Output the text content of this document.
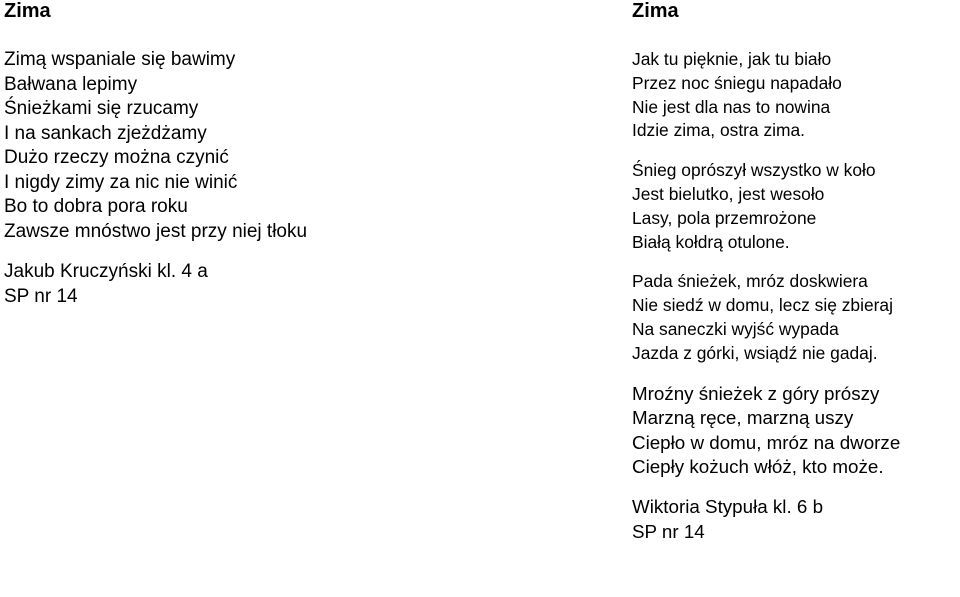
Zima
Zimą wspaniale się bawimy
Bałwana lepimy
Śnieżkami się rzucamy
I na sankach zjeżdżamy
Dużo rzeczy można czynić
I nigdy zimy za nic nie winić
Bo to dobra pora roku
Zawsze mnóstwo jest przy niej tłoku
Jakub Kruczyński kl. 4 a
SP nr 14
Zima
Jak tu pięknie, jak tu biało
Przez noc śniegu napadało
Nie jest dla nas to nowina
Idzie zima, ostra zima.
Śnieg oprószył wszystko w koło
Jest bielutko, jest wesoło
Lasy, pola przemrożone
Białą kołdrą otulone.
Pada śnieżek, mróz doskwiera
Nie siedź w domu, lecz się zbieraj
Na saneczki wyjść wypada
Jazda z górki, wsiądź nie gadaj.
Mroźny śnieżek z góry prószy
Marzną ręce, marzną uszy
Ciepło w domu, mróz na dworze
Ciepły kożuch włóż, kto może.
Wiktoria Stypuła kl. 6 b
SP nr 14
